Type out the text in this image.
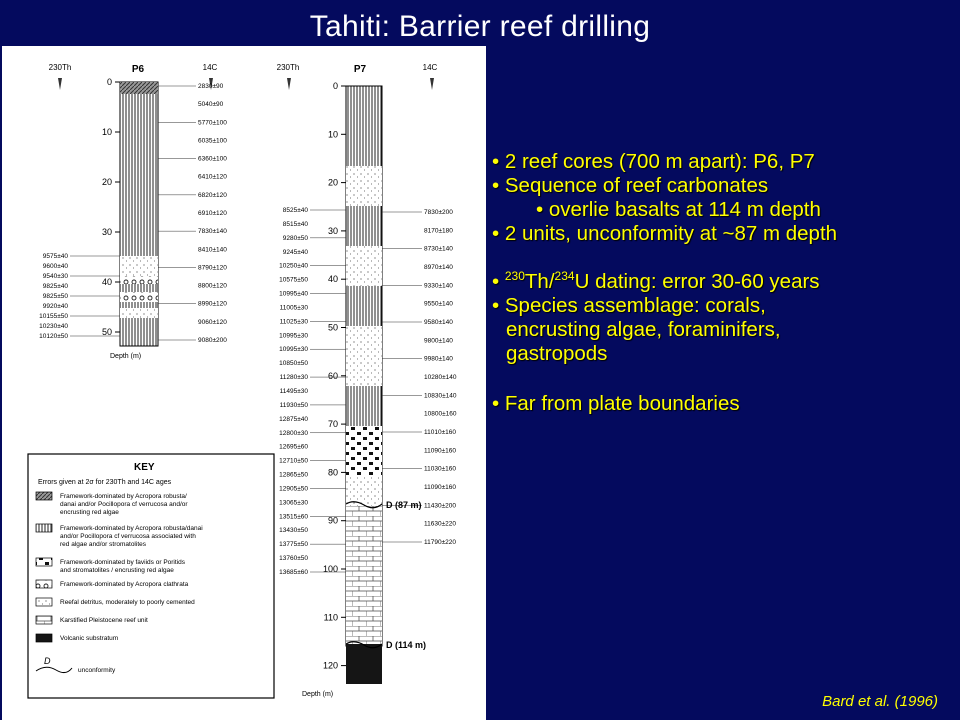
Tahiti: Barrier reef drilling
230Th	P6	14C	230Th	P7	14C
0
10
20
30
40
50
Depth (m)
0
10
20
30
40
50
60
70
80
90
100
110
120
Depth (m)
2830±90
5040±90
5770±100
6035±100
6360±100
6410±120
6820±120
6910±120
7830±140
8410±140
8790±120
8800±120
8990±120
9060±120
9080±200
9575±40
9600±40
9540±30
9825±40
9825±50
9920±40
10155±50
10230±40
10120±50
7830±200
8170±180
8730±140
8970±140
9330±140
9550±140
9580±140
9800±140
9980±140
10280±140
10830±140
10800±160
11010±160
11090±160
11030±160
11090±160
11430±200
11630±220
11790±220
8525±40
8515±40
9280±50
9245±40
10250±40
10575±50
10995±40
11005±30
11025±30
10995±30
10995±30
10850±50
11280±30
11495±30
11930±50
12875±40
12800±30
12695±60
12710±50
12865±50
12905±50
13065±30
13515±60
13430±50
13775±50
13760±50
13685±60
D (87 m)
D (114 m)
KEY
Errors given at 2σ for 230Th and 14C ages
Framework-dominated by Acropora robusta/
danai and/or Pocillopora cf verrucosa and/or
encrusting red algae
Framework-dominated by Acropora robusta/danai
and/or Pocillopora cf verrucosa associated with
red algae and/or stromatolites
Framework-dominated by faviids or Poritids
and stromatolites / encrusting red algae
Framework-dominated by Acropora clathrata
Reefal detritus, moderately to poorly cemented
Karstified Pleistocene reef unit
Volcanic substratum
unconformity
D
• 2 reef cores (700 m apart): P6, P7
• Sequence of reef carbonates
• overlie basalts at 114 m depth
• 2 units, unconformity at ~87 m depth
• $^{230}$Th/$^{234}$U dating: error 30-60 years
• Species assemblage: corals,
encrusting algae, foraminifers,
gastropods
• Far from plate boundaries
Bard et al. (1996)
